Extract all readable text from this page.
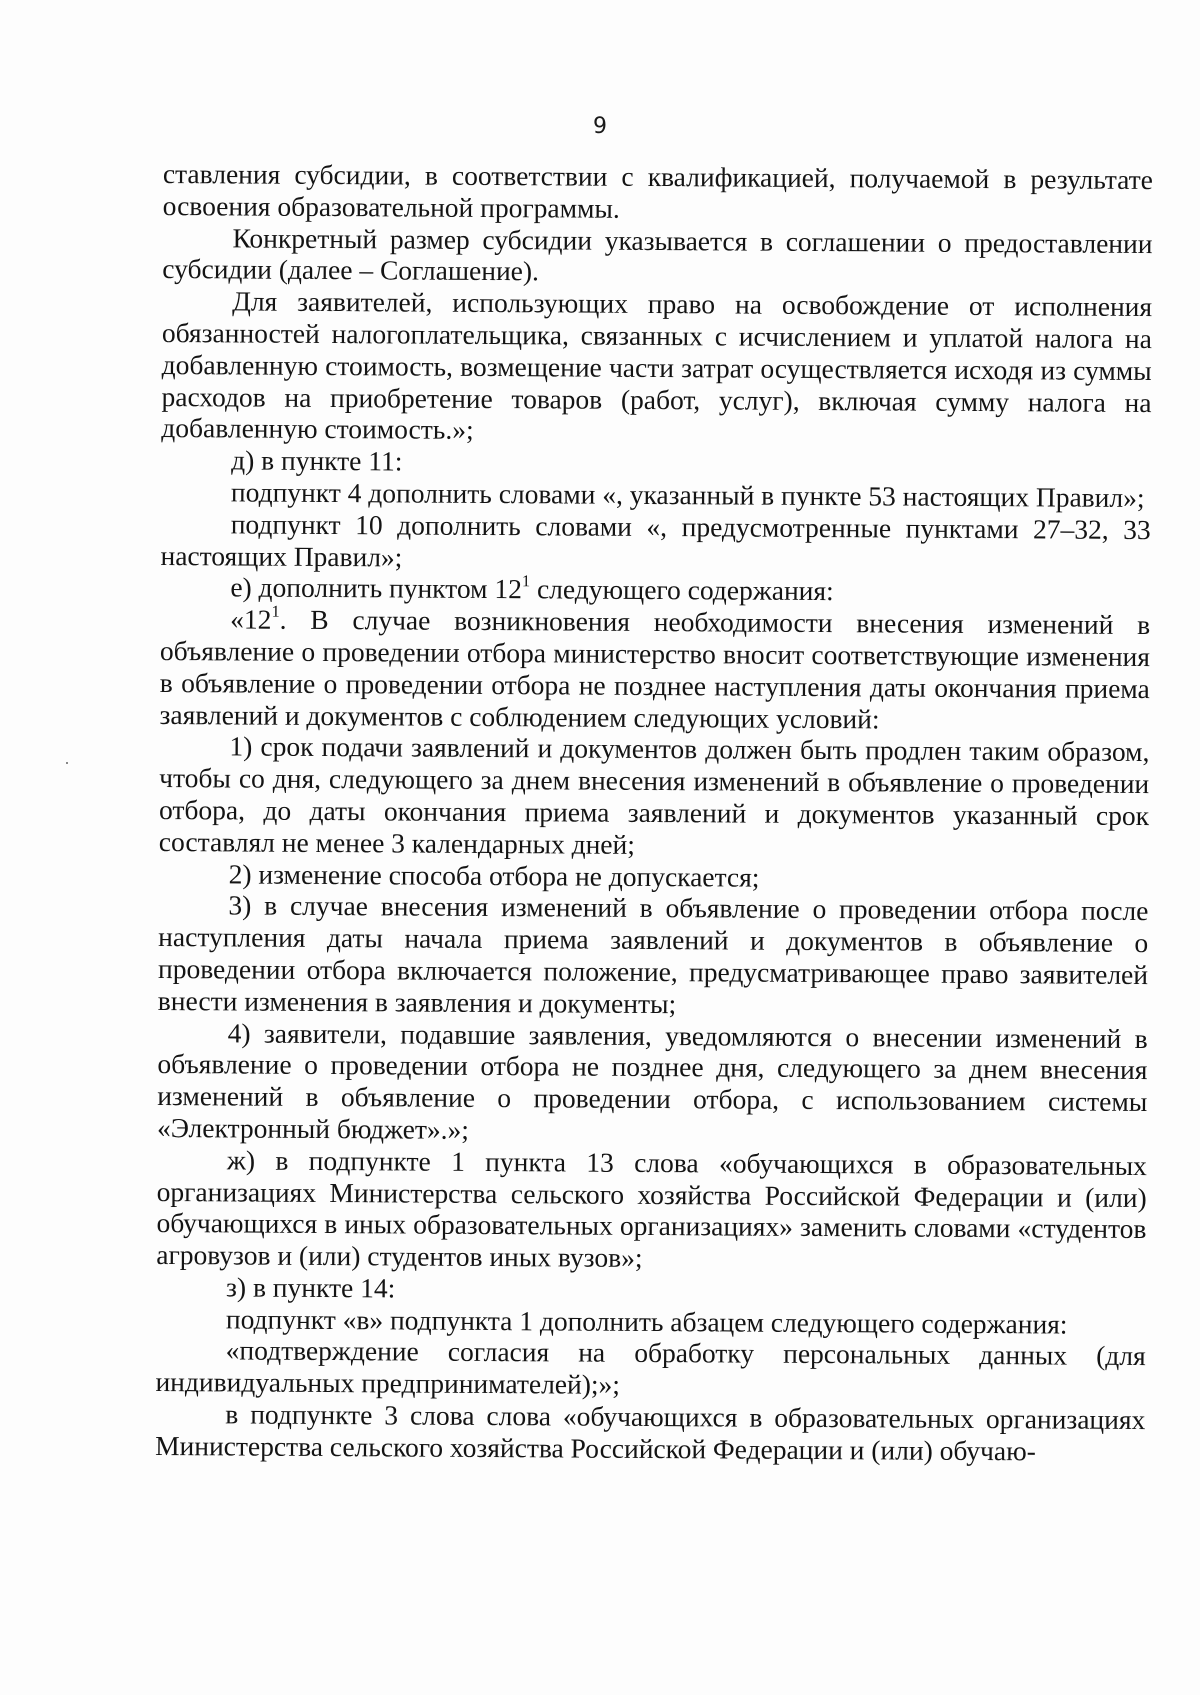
9

ставления субсидии, в соответствии с квалификацией, получаемой в результате освоения образовательной программы.

Конкретный размер субсидии указывается в соглашении о предоставлении субсидии (далее – Соглашение).

Для заявителей, использующих право на освобождение от исполнения обязанностей налогоплательщика, связанных с исчислением и уплатой налога на добавленную стоимость, возмещение части затрат осуществляется исходя из суммы расходов на приобретение товаров (работ, услуг), включая сумму налога на добавленную стоимость.»;

д) в пункте 11:

подпункт 4 дополнить словами «, указанный в пункте 53 настоящих Правил»;

подпункт 10 дополнить словами «, предусмотренные пунктами 27–32, 33 настоящих Правил»;

е) дополнить пунктом $12^1$ следующего содержания:

«$12^1$. В случае возникновения необходимости внесения изменений в объявление о проведении отбора министерство вносит соответствующие изменения в объявление о проведении отбора не позднее наступления даты окончания приема заявлений и документов с соблюдением следующих условий:

1) срок подачи заявлений и документов должен быть продлен таким образом, чтобы со дня, следующего за днем внесения изменений в объявление о проведении отбора, до даты окончания приема заявлений и документов указанный срок составлял не менее 3 календарных дней;

2) изменение способа отбора не допускается;

3) в случае внесения изменений в объявление о проведении отбора после наступления даты начала приема заявлений и документов в объявление о проведении отбора включается положение, предусматривающее право заявителей внести изменения в заявления и документы;

4) заявители, подавшие заявления, уведомляются о внесении изменений в объявление о проведении отбора не позднее дня, следующего за днем внесения изменений в объявление о проведении отбора, с использованием системы «Электронный бюджет».»;

ж) в подпункте 1 пункта 13 слова «обучающихся в образовательных организациях Министерства сельского хозяйства Российской Федерации и (или) обучающихся в иных образовательных организациях» заменить словами «студентов агровузов и (или) студентов иных вузов»;

з) в пункте 14:

подпункт «в» подпункта 1 дополнить абзацем следующего содержания:

«подтверждение согласия на обработку персональных данных (для индивидуальных предпринимателей);»;

в подпункте 3 слова слова «обучающихся в образовательных организациях Министерства сельского хозяйства Российской Федерации и (или) обучаю-
